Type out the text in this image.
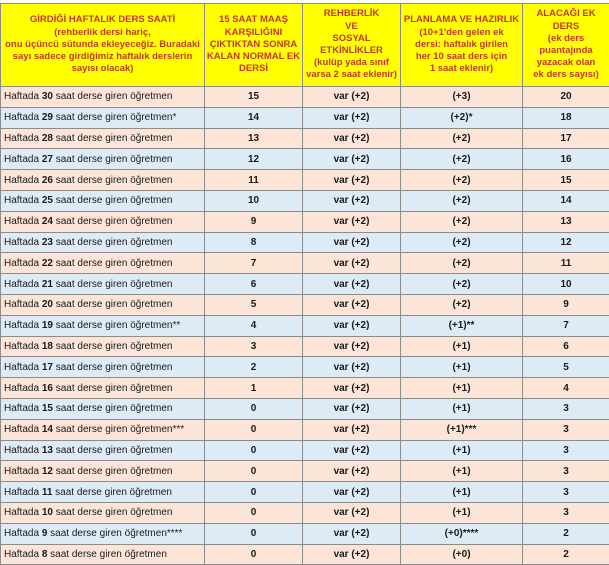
GİRDİĞİ HAFTALIK DERS SAATİ
(rehberlik dersi hariç,
onu üçüncü sütunda ekleyeceğiz. Buradaki
sayı sadece girdiğimiz haftalık derslerin
sayısı olacak)	15 SAAT MAAŞ
KARŞILIĞINI
ÇIKTIKTAN SONRA
KALAN NORMAL EK
DERSİ	REHBERLİK
VE
SOSYAL ETKİNLİKLER
(kulüp yada sınıf
varsa 2 saat eklenir)	PLANLAMA VE HAZIRLIK
(10+1'den gelen ek
dersi: haftalık girilen
her 10 saat ders için
1 saat eklenir)	ALACAĞI EK DERS
(ek ders
puantajında
yazacak olan
ek ders sayısı)

Haftada 30 saat derse giren öğretmen	15	var (+2)	(+3)	20
Haftada 29 saat derse giren öğretmen*	14	var (+2)	(+2)*	18
Haftada 28 saat derse giren öğretmen	13	var (+2)	(+2)	17
Haftada 27 saat derse giren öğretmen	12	var (+2)	(+2)	16
Haftada 26 saat derse giren öğretmen	11	var (+2)	(+2)	15
Haftada 25 saat derse giren öğretmen	10	var (+2)	(+2)	14
Haftada 24 saat derse giren öğretmen	9	var (+2)	(+2)	13
Haftada 23 saat derse giren öğretmen	8	var (+2)	(+2)	12
Haftada 22 saat derse giren öğretmen	7	var (+2)	(+2)	11
Haftada 21 saat derse giren öğretmen	6	var (+2)	(+2)	10
Haftada 20 saat derse giren öğretmen	5	var (+2)	(+2)	9
Haftada 19 saat derse giren öğretmen**	4	var (+2)	(+1)**	7
Haftada 18 saat derse giren öğretmen	3	var (+2)	(+1)	6
Haftada 17 saat derse giren öğretmen	2	var (+2)	(+1)	5
Haftada 16 saat derse giren öğretmen	1	var (+2)	(+1)	4
Haftada 15 saat derse giren öğretmen	0	var (+2)	(+1)	3
Haftada 14 saat derse giren öğretmen***	0	var (+2)	(+1)***	3
Haftada 13 saat derse giren öğretmen	0	var (+2)	(+1)	3
Haftada 12 saat derse giren öğretmen	0	var (+2)	(+1)	3
Haftada 11 saat derse giren öğretmen	0	var (+2)	(+1)	3
Haftada 10 saat derse giren öğretmen	0	var (+2)	(+1)	3
Haftada 9 saat derse giren öğretmen****	0	var (+2)	(+0)****	2
Haftada 8 saat derse giren öğretmen	0	var (+2)	(+0)	2
